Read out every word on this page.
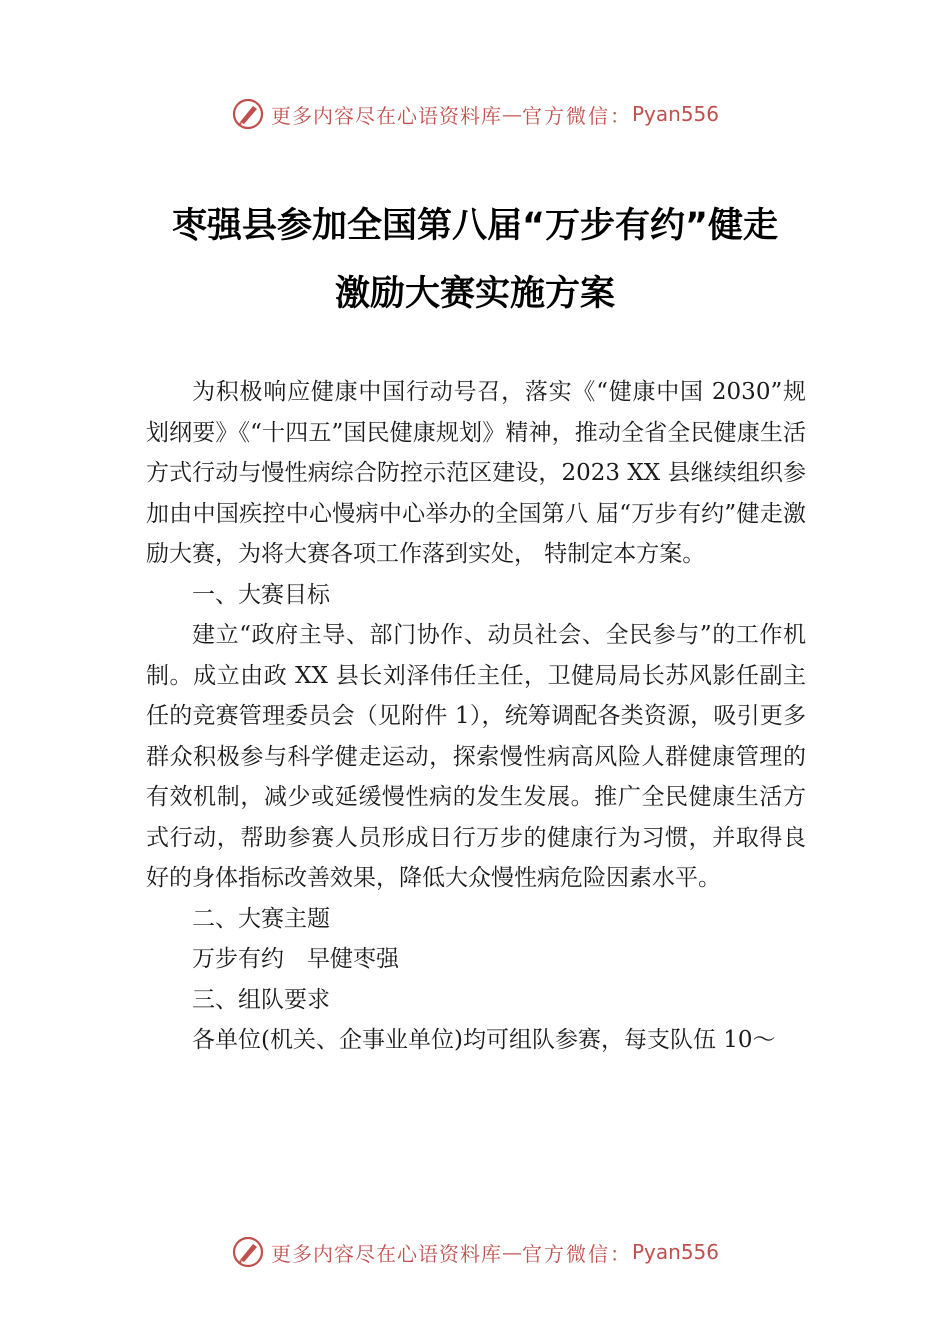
更多内容尽在心语资料库 — 官方微信： Pyan556
枣强县参加全国第八届“万步有约”健走
激励大赛实施方案

为积极响应健康中国行动号召，落实《“健康中国 2030”规划纲要》《“十四五”国民健康规划》精神，推动全省全民健康生活方式行动与慢性病综合防控示范区建设，2023 XX 县继续组织参加由中国疾控中心慢病中心举办的全国第八 届“万步有约”健走激励大赛，为将大赛各项工作落到实处， 特制定本方案。

一、大赛目标

建立“政府主导、部门协作、动员社会、全民参与”的工作机制。成立由政 XX 县长刘泽伟任主任，卫健局局长苏风影任副主任的竞赛管理委员会（见附件 1），统筹调配各类资源，吸引更多群众积极参与科学健走运动，探索慢性病高风险人群健康管理的有效机制，减少或延缓慢性病的发生发展。推广全民健康生活方式行动，帮助参赛人员形成日行万步的健康行为习惯，并取得良好的身体指标改善效果，降低大众慢性病危险因素水平。

二、大赛主题

万步有约　早健枣强

三、组队要求

各单位(机关、企事业单位)均可组队参赛，每支队伍 10～

更多内容尽在心语资料库 — 官方微信： Pyan556
